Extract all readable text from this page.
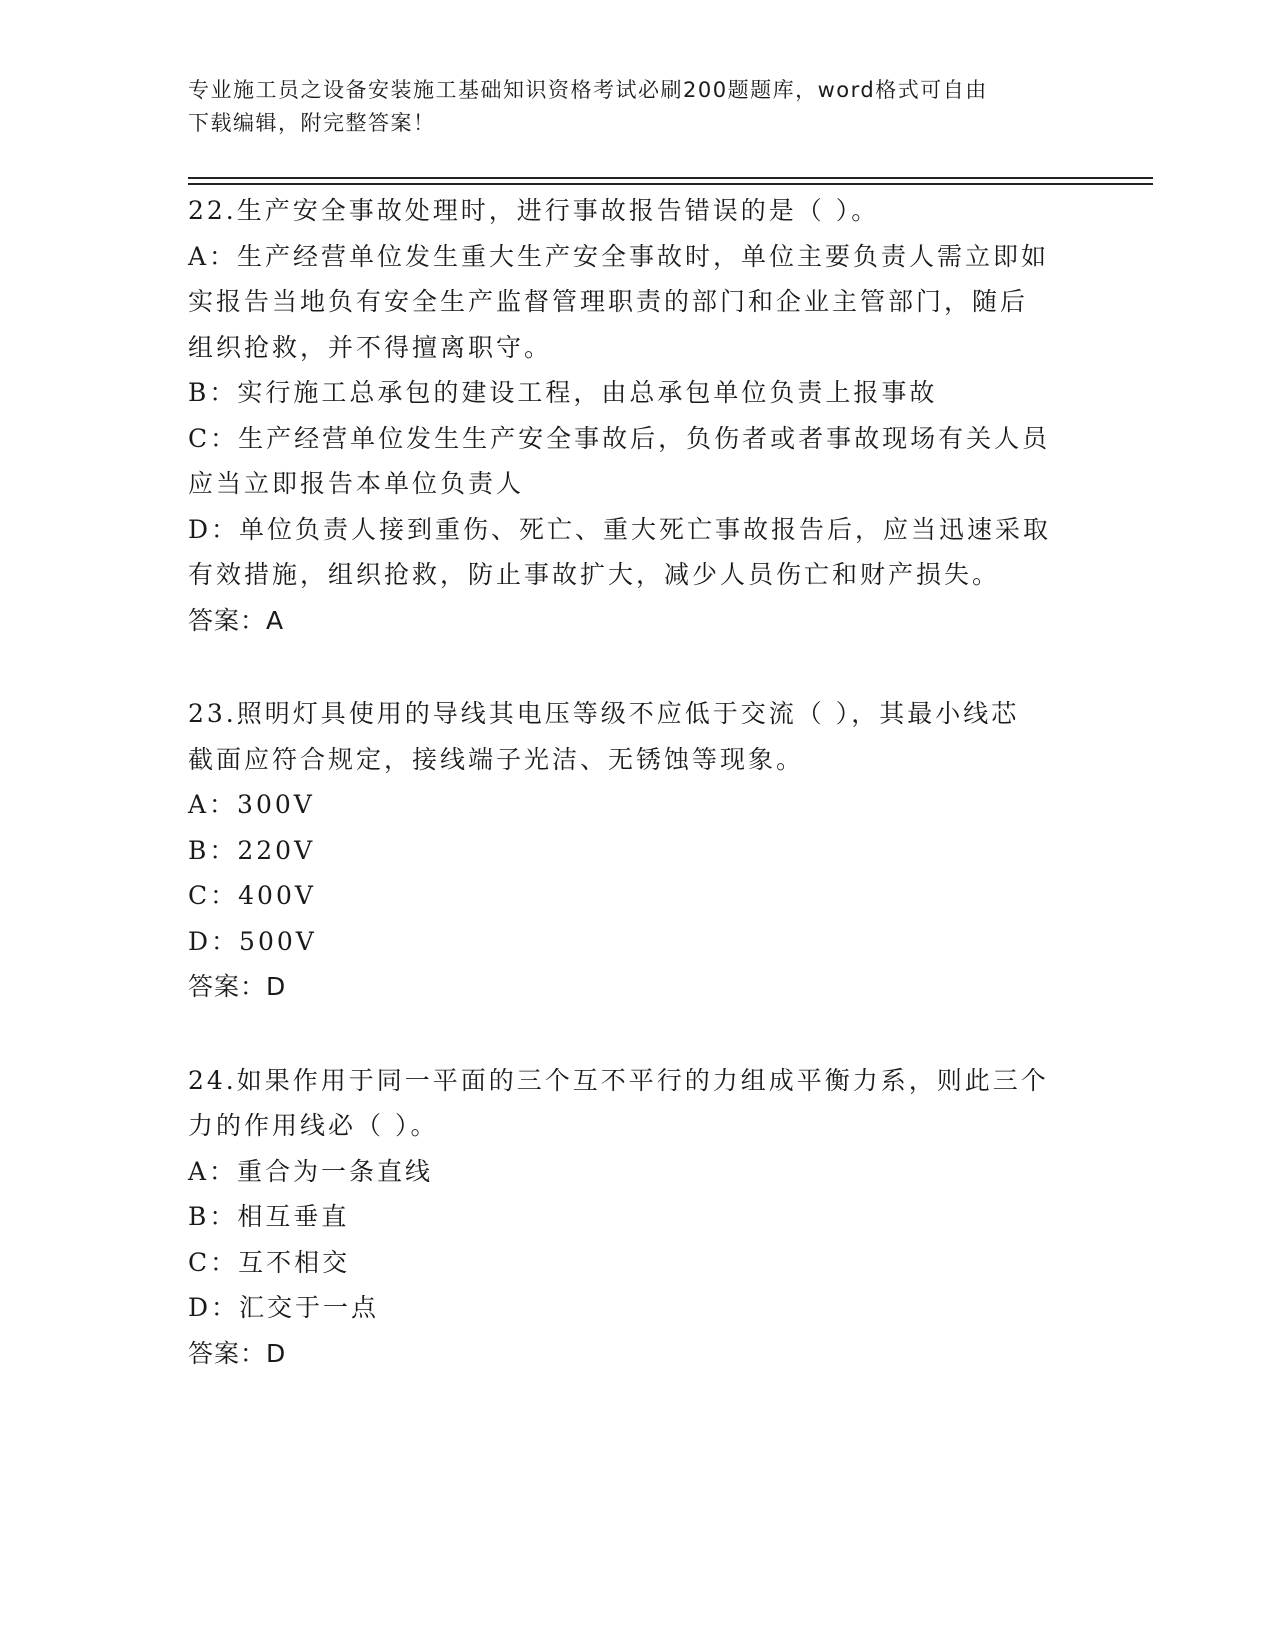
专业施工员之设备安装施工基础知识资格考试必刷200题题库，word格式可自由
下载编辑，附完整答案！
22.生产安全事故处理时，进行事故报告错误的是（ ）。
A：生产经营单位发生重大生产安全事故时，单位主要负责人需立即如
实报告当地负有安全生产监督管理职责的部门和企业主管部门，随后
组织抢救，并不得擅离职守。
B：实行施工总承包的建设工程，由总承包单位负责上报事故
C：生产经营单位发生生产安全事故后，负伤者或者事故现场有关人员
应当立即报告本单位负责人
D：单位负责人接到重伤、死亡、重大死亡事故报告后，应当迅速采取
有效措施，组织抢救，防止事故扩大，减少人员伤亡和财产损失。
答案：A
23.照明灯具使用的导线其电压等级不应低于交流（ ），其最小线芯
截面应符合规定，接线端子光洁、无锈蚀等现象。
A：300V
B：220V
C：400V
D：500V
答案：D
24.如果作用于同一平面的三个互不平行的力组成平衡力系，则此三个
力的作用线必（ ）。
A：重合为一条直线
B：相互垂直
C：互不相交
D：汇交于一点
答案：D
